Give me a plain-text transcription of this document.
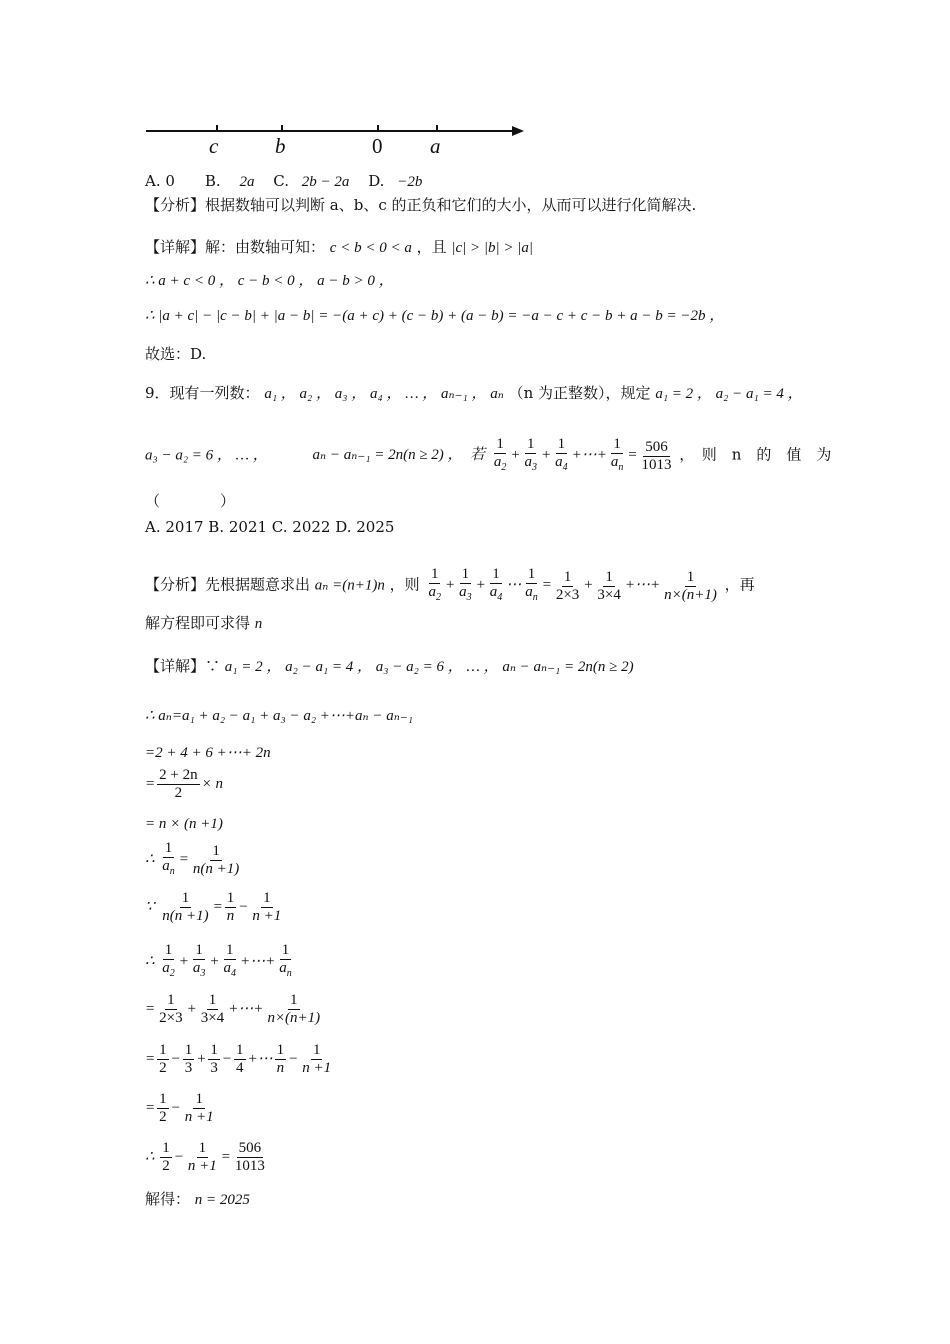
c	b	0 a
A. 0　　B. 2a C. 2b − 2a D. −2b
【分析】根据数轴可以判断 a、b、c 的正负和它们的大小，从而可以进行化简解决.
【详解】解：由数轴可知： c < b < 0 < a ，且 |c| > |b| > |a|
∴ a + c < 0 ， c − b < 0 ， a − b > 0 ，
∴ |a + c| − |c − b| + |a − b| = −(a + c) + (c − b) + (a − b) = −a − c + c − b + a − b = −2b ，
故选：D.
9．现有一列数： a₁ ， a₂ ， a₃ ， a₄ ， … ， aₙ₋₁ ， aₙ （n 为正整数），规定 a₁ = 2 ， a₂ − a₁ = 4 ，
a₃ − a₂ = 6 ， … ，	aₙ − aₙ₋₁ = 2n(n ≥ 2) ，　若 $\frac{1}{a_2} + \frac{1}{a_3} + \frac{1}{a_4}$ +⋯+ $\frac{1}{a_n} = \frac{506}{1013}$ ，　则　n　的　值　为
（　　　　）
A. 2017 B. 2021 C. 2022 D. 2025
【分析】先根据题意求出 aₙ =(n+1)n ，则 $\frac{1}{a_2} + \frac{1}{a_3} + \frac{1}{a_4}$ ⋯ $\frac{1}{a_n} = \frac{1}{2\times 3} + \frac{1}{3\times 4}$ +⋯+ $\frac{1}{n\times(n+1)}$ ，再
解方程即可求得 n
【详解】∵ a₁ = 2 ， a₂ − a₁ = 4 ， a₃ − a₂ = 6 ， … ， aₙ − aₙ₋₁ = 2n(n ≥ 2)
∴ aₙ=a₁ + a₂ − a₁ + a₃ − a₂ +⋯+aₙ − aₙ₋₁
=2 + 4 + 6 +⋯+ 2n
= $\frac{2 + 2n}{2} \times n$
= n × (n +1)
∴ $\frac{1}{a_n} = \frac{1}{n(n +1)}$
∵ $\frac{1}{n(n +1)} = \frac{1}{n} - \frac{1}{n +1}$
∴ $\frac{1}{a_2} + \frac{1}{a_3} + \frac{1}{a_4}$ +⋯+ $\frac{1}{a_n}$
= $\frac{1}{2\times 3} + \frac{1}{3\times 4}$ +⋯+ $\frac{1}{n\times(n+1)}$
= $\frac{1}{2} - \frac{1}{3} + \frac{1}{3} - \frac{1}{4}$ +⋯ $\frac{1}{n} - \frac{1}{n +1}$
= $\frac{1}{2} - \frac{1}{n +1}$
∴ $\frac{1}{2} - \frac{1}{n +1} = \frac{506}{1013}$
解得： n = 2025
